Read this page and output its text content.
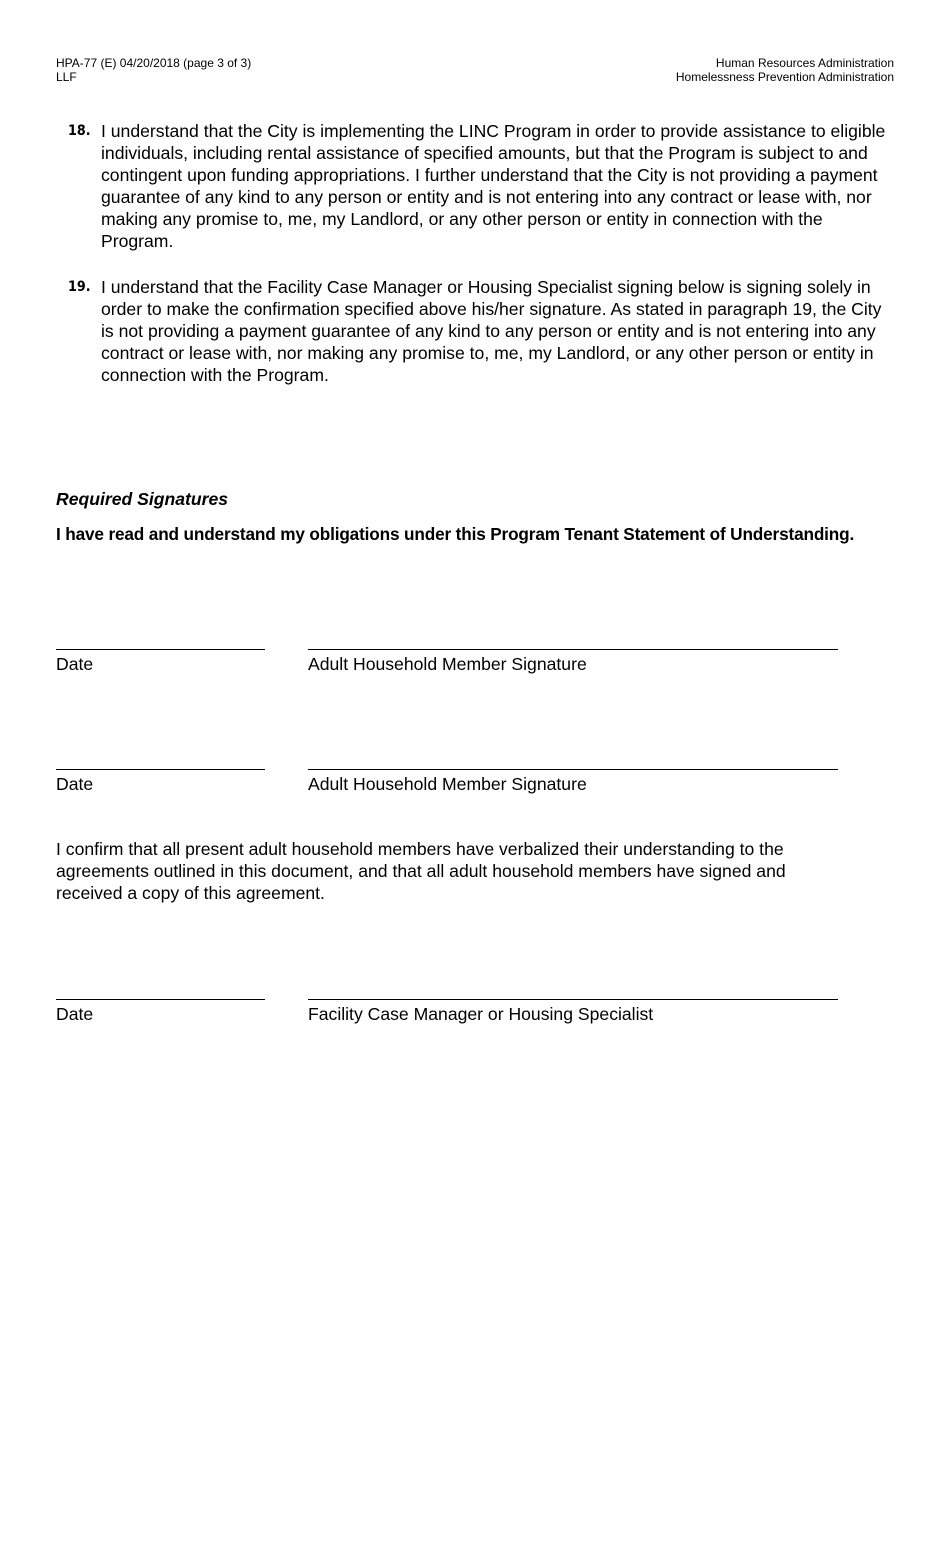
HPA-77 (E) 04/20/2018 (page 3 of 3)
LLF
Human Resources Administration
Homelessness Prevention Administration
18. I understand that the City is implementing the LINC Program in order to provide assistance to eligible individuals, including rental assistance of specified amounts, but that the Program is subject to and contingent upon funding appropriations. I further understand that the City is not providing a payment guarantee of any kind to any person or entity and is not entering into any contract or lease with, nor making any promise to, me, my Landlord, or any other person or entity in connection with the Program.
19. I understand that the Facility Case Manager or Housing Specialist signing below is signing solely in order to make the confirmation specified above his/her signature. As stated in paragraph 19, the City is not providing a payment guarantee of any kind to any person or entity and is not entering into any contract or lease with, nor making any promise to, me, my Landlord, or any other person or entity in connection with the Program.
Required Signatures
I have read and understand my obligations under this Program Tenant Statement of Understanding.
Date	Adult Household Member Signature
Date	Adult Household Member Signature
I confirm that all present adult household members have verbalized their understanding to the agreements outlined in this document, and that all adult household members have signed and received a copy of this agreement.
Date	Facility Case Manager or Housing Specialist
